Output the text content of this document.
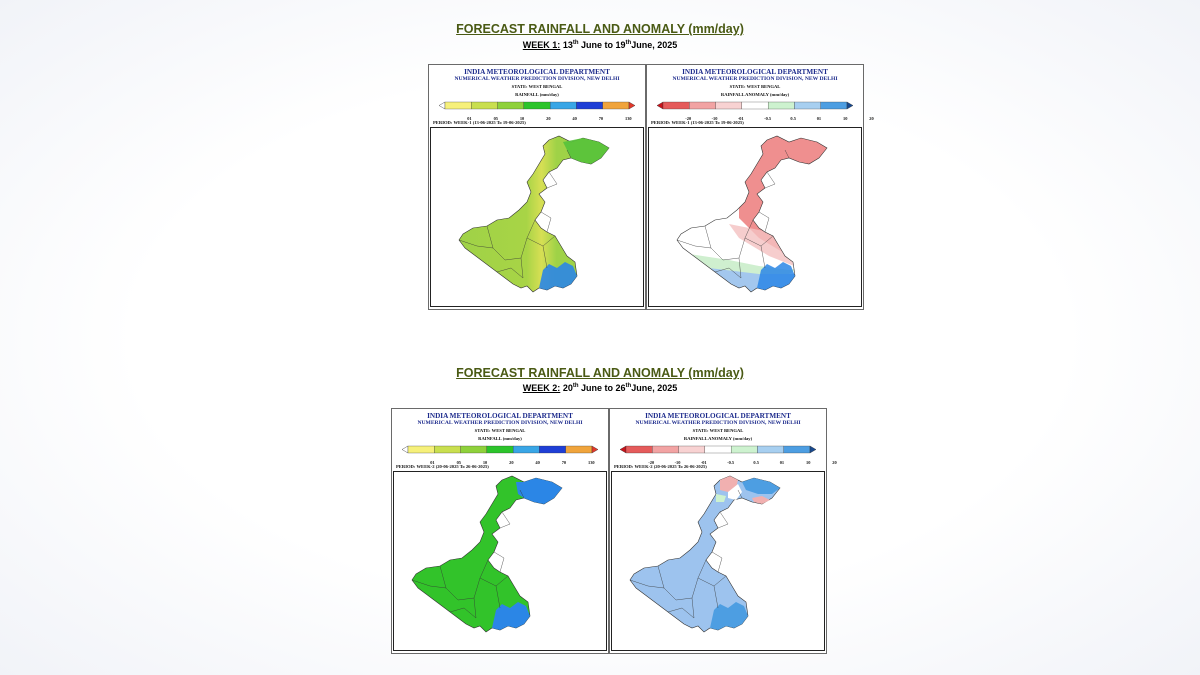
FORECAST RAINFALL AND ANOMALY (mm/day)
WEEK 1: 13th June to 19thJune, 2025
INDIA METEOROLOGICAL DEPARTMENT
NUMERICAL WEATHER PREDICTION DIVISION, NEW DELHI
STATE: WEST BENGAL
RAINFALL (mm/day)
01	05	10	20	40	70	130
PERIOD: WEEK-1 (13-06-2025 To 19-06-2025)
INDIA METEOROLOGICAL DEPARTMENT
NUMERICAL WEATHER PREDICTION DIVISION, NEW DELHI
STATE: WEST BENGAL
RAINFALL ANOMALY (mm/day)
-20	-10	-01	-0.5	0.5	01	10	20
PERIOD: WEEK-1 (13-06-2025 To 19-06-2025)
FORECAST RAINFALL AND ANOMALY (mm/day)
WEEK 2: 20th June to 26thJune, 2025
INDIA METEOROLOGICAL DEPARTMENT
NUMERICAL WEATHER PREDICTION DIVISION, NEW DELHI
STATE: WEST BENGAL
RAINFALL (mm/day)
01	05	10	20	40	70	130
PERIOD: WEEK-2 (20-06-2025 To 26-06-2025)
INDIA METEOROLOGICAL DEPARTMENT
NUMERICAL WEATHER PREDICTION DIVISION, NEW DELHI
STATE: WEST BENGAL
RAINFALL ANOMALY (mm/day)
-20	-10	-01	-0.5	0.5	01	10	20
PERIOD: WEEK-2 (20-06-2025 To 26-06-2025)
